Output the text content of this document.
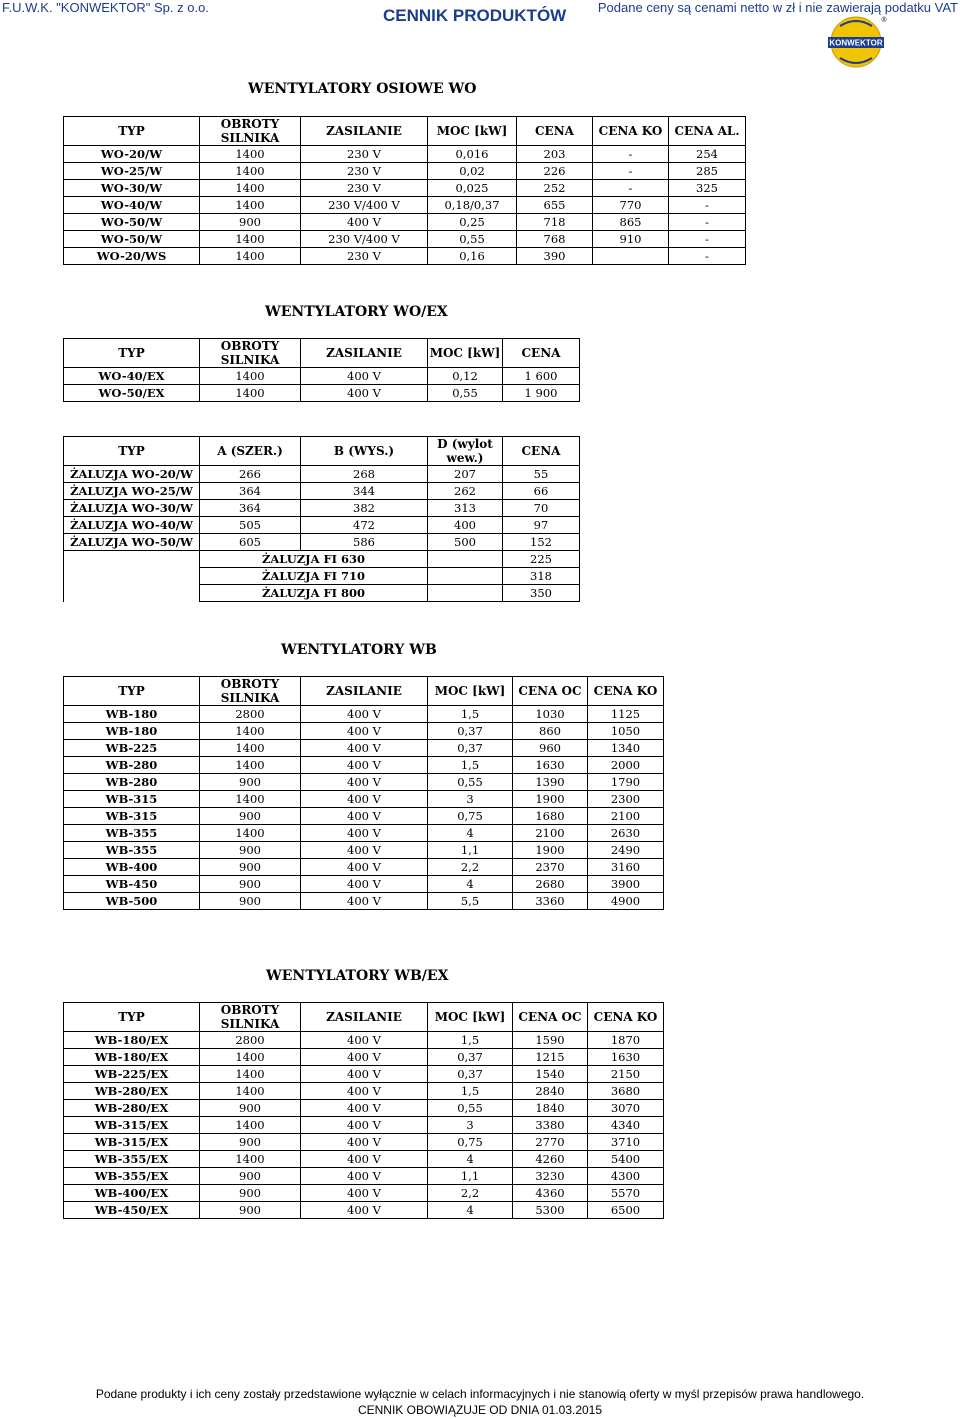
F.U.W.K. "KONWEKTOR" Sp. z o.o.	CENNIK PRODUKTÓW Podane ceny są cenami netto w zł i nie zawierają podatku VAT
KONWEKTOR
®
WENTYLATORY OSIOWE WO
TYP	OBROTY SILNIKA	ZASILANIE	MOC [kW]	CENA	CENA KO	CENA AL.
WO-20/W	1400	230 V	0,016	203	-	254
WO-25/W	1400	230 V	0,02	226	-	285
WO-30/W	1400	230 V	0,025	252	-	325
WO-40/W	1400	230 V/400 V	0,18/0,37	655	770	-
WO-50/W	900	400 V	0,25	718	865	-
WO-50/W	1400	230 V/400 V	0,55	768	910	-
WO-20/WS	1400	230 V	0,16	390		-
WENTYLATORY WO/EX
TYP	OBROTY SILNIKA	ZASILANIE	MOC [kW]	CENA
WO-40/EX	1400	400 V	0,12	1 600
WO-50/EX	1400	400 V	0,55	1 900
TYP	A (SZER.)	B (WYS.)	D (wylot wew.)	CENA
ŻALUZJA WO-20/W	266	268	207	55
ŻALUZJA WO-25/W	364	344	262	66
ŻALUZJA WO-30/W	364	382	313	70
ŻALUZJA WO-40/W	505	472	400	97
ŻALUZJA WO-50/W	605	586	500	152
	ŻALUZJA FI 630			225
	ŻALUZJA FI 710			318
	ŻALUZJA FI 800			350
WENTYLATORY WB
TYP	OBROTY SILNIKA	ZASILANIE	MOC [kW]	CENA OC	CENA KO
WB-180	2800	400 V	1,5	1030	1125
WB-180	1400	400 V	0,37	860	1050
WB-225	1400	400 V	0,37	960	1340
WB-280	1400	400 V	1,5	1630	2000
WB-280	900	400 V	0,55	1390	1790
WB-315	1400	400 V	3	1900	2300
WB-315	900	400 V	0,75	1680	2100
WB-355	1400	400 V	4	2100	2630
WB-355	900	400 V	1,1	1900	2490
WB-400	900	400 V	2,2	2370	3160
WB-450	900	400 V	4	2680	3900
WB-500	900	400 V	5,5	3360	4900
WENTYLATORY WB/EX
TYP	OBROTY SILNIKA	ZASILANIE	MOC [kW]	CENA OC	CENA KO
WB-180/EX	2800	400 V	1,5	1590	1870
WB-180/EX	1400	400 V	0,37	1215	1630
WB-225/EX	1400	400 V	0,37	1540	2150
WB-280/EX	1400	400 V	1,5	2840	3680
WB-280/EX	900	400 V	0,55	1840	3070
WB-315/EX	1400	400 V	3	3380	4340
WB-315/EX	900	400 V	0,75	2770	3710
WB-355/EX	1400	400 V	4	4260	5400
WB-355/EX	900	400 V	1,1	3230	4300
WB-400/EX	900	400 V	2,2	4360	5570
WB-450/EX	900	400 V	4	5300	6500
Podane produkty i ich ceny zostały przedstawione wyłącznie w celach informacyjnych i nie stanowią oferty w myśl przepisów prawa handlowego.
CENNIK OBOWIĄZUJE OD DNIA 01.03.2015
